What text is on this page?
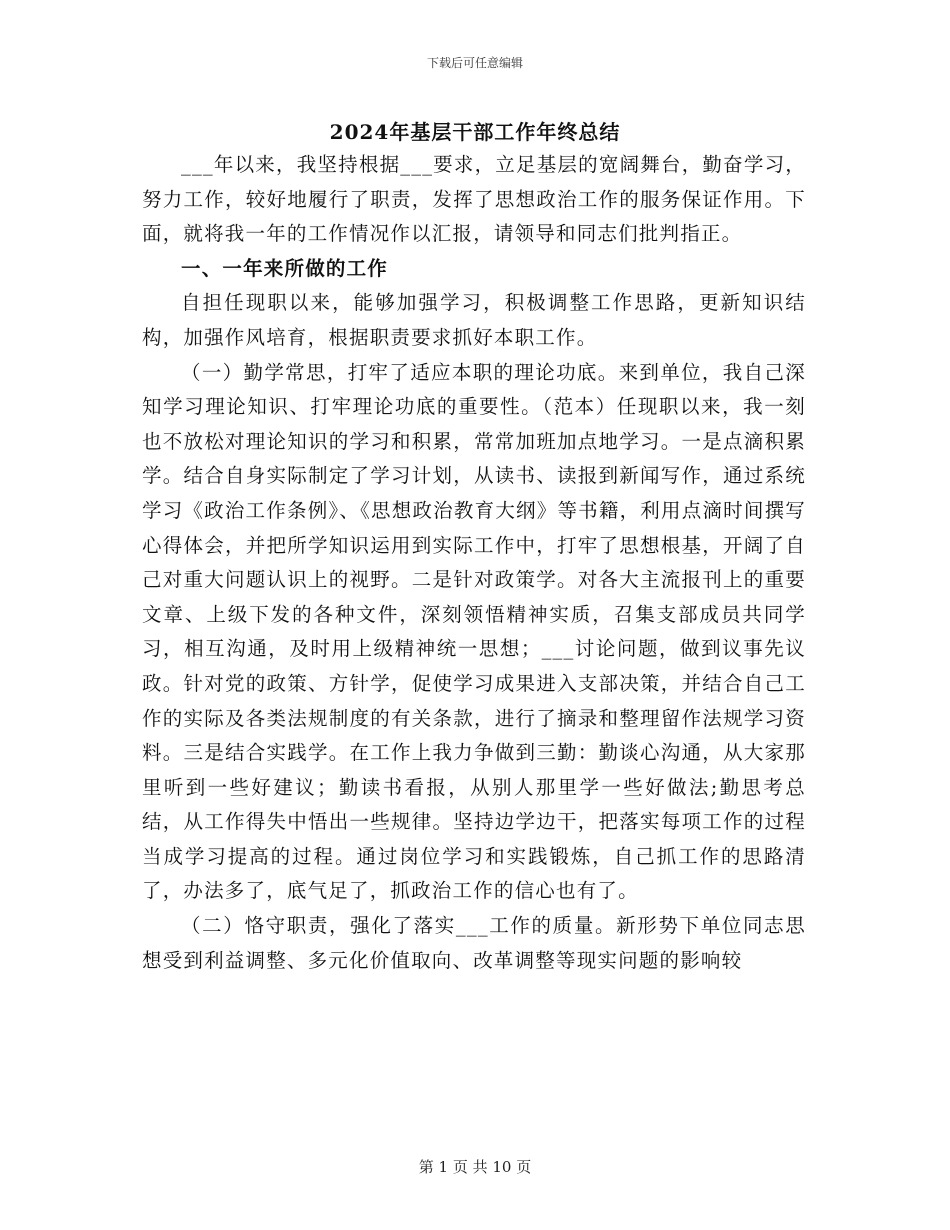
下载后可任意编辑
2024年基层干部工作年终总结

___年以来，我坚持根据___要求，立足基层的宽阔舞台，勤奋学习，努力工作，较好地履行了职责，发挥了思想政治工作的服务保证作用。下面，就将我一年的工作情况作以汇报，请领导和同志们批判指正。

一、一年来所做的工作

自担任现职以来，能够加强学习，积极调整工作思路，更新知识结构，加强作风培育，根据职责要求抓好本职工作。

（一）勤学常思，打牢了适应本职的理论功底。来到单位，我自己深知学习理论知识、打牢理论功底的重要性。（范本）任现职以来，我一刻也不放松对理论知识的学习和积累，常常加班加点地学习。一是点滴积累学。结合自身实际制定了学习计划，从读书、读报到新闻写作，通过系统学习《政治工作条例》、《思想政治教育大纲》等书籍，利用点滴时间撰写心得体会，并把所学知识运用到实际工作中，打牢了思想根基，开阔了自己对重大问题认识上的视野。二是针对政策学。对各大主流报刊上的重要文章、上级下发的各种文件，深刻领悟精神实质，召集支部成员共同学习，相互沟通，及时用上级精神统一思想；___讨论问题，做到议事先议政。针对党的政策、方针学，促使学习成果进入支部决策，并结合自己工作的实际及各类法规制度的有关条款，进行了摘录和整理留作法规学习资料。三是结合实践学。在工作上我力争做到三勤：勤谈心沟通，从大家那里听到一些好建议；勤读书看报，从别人那里学一些好做法;勤思考总结，从工作得失中悟出一些规律。坚持边学边干，把落实每项工作的过程当成学习提高的过程。通过岗位学习和实践锻炼，自己抓工作的思路清了，办法多了，底气足了，抓政治工作的信心也有了。

（二）恪守职责，强化了落实___工作的质量。新形势下单位同志思想受到利益调整、多元化价值取向、改革调整等现实问题的影响较

第 1 页 共 10 页
